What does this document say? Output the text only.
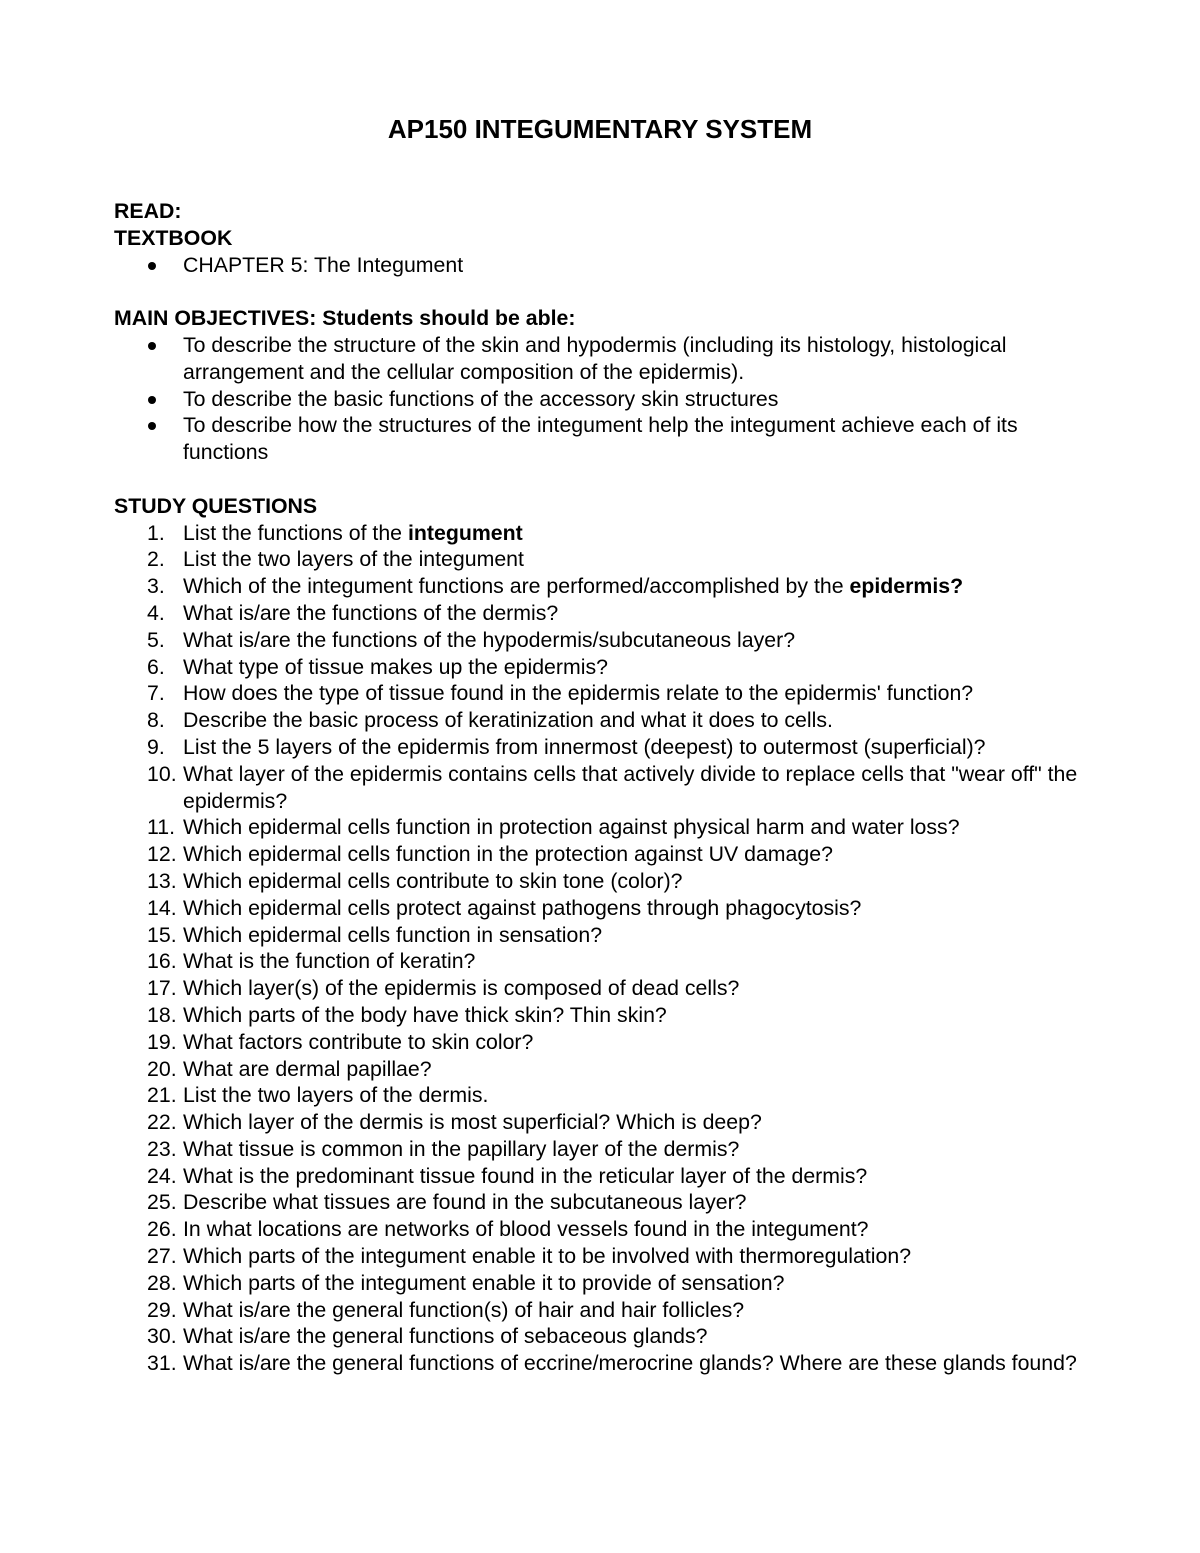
AP150 INTEGUMENTARY SYSTEM

READ:

TEXTBOOK

CHAPTER 5: The Integument

MAIN OBJECTIVES: Students should be able:

To describe the structure of the skin and hypodermis (including its histology, histological arrangement and the cellular composition of the epidermis).
To describe the basic functions of the accessory skin structures
To describe how the structures of the integument help the integument achieve each of its functions

STUDY QUESTIONS

1. List the functions of the integument
2. List the two layers of the integument
3. Which of the integument functions are performed/accomplished by the epidermis?
4. What is/are the functions of the dermis?
5. What is/are the functions of the hypodermis/subcutaneous layer?
6. What type of tissue makes up the epidermis?
7. How does the type of tissue found in the epidermis relate to the epidermis' function?
8. Describe the basic process of keratinization and what it does to cells.
9. List the 5 layers of the epidermis from innermost (deepest) to outermost (superficial)?
10. What layer of the epidermis contains cells that actively divide to replace cells that "wear off" the epidermis?
11. Which epidermal cells function in protection against physical harm and water loss?
12. Which epidermal cells function in the protection against UV damage?
13. Which epidermal cells contribute to skin tone (color)?
14. Which epidermal cells protect against pathogens through phagocytosis?
15. Which epidermal cells function in sensation?
16. What is the function of keratin?
17. Which layer(s) of the epidermis is composed of dead cells?
18. Which parts of the body have thick skin? Thin skin?
19. What factors contribute to skin color?
20. What are dermal papillae?
21. List the two layers of the dermis.
22. Which layer of the dermis is most superficial? Which is deep?
23. What tissue is common in the papillary layer of the dermis?
24. What is the predominant tissue found in the reticular layer of the dermis?
25. Describe what tissues are found in the subcutaneous layer?
26. In what locations are networks of blood vessels found in the integument?
27. Which parts of the integument enable it to be involved with thermoregulation?
28. Which parts of the integument enable it to provide of sensation?
29. What is/are the general function(s) of hair and hair follicles?
30. What is/are the general functions of sebaceous glands?
31. What is/are the general functions of eccrine/merocrine glands? Where are these glands found?
